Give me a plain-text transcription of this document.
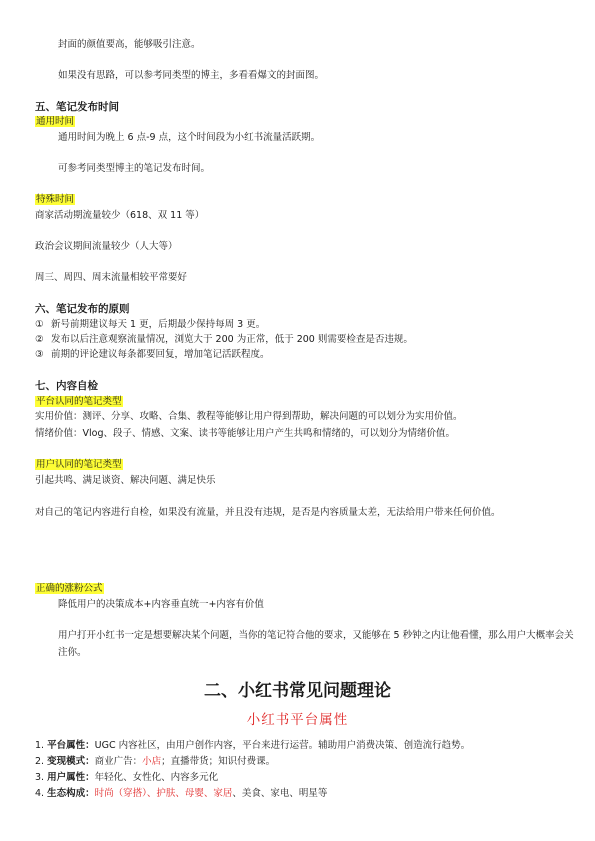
封面的颜值要高，能够吸引注意。
如果没有思路，可以参考同类型的博主，多看看爆文的封面图。
五、笔记发布时间
通用时间
通用时间为晚上 6 点-9 点，这个时间段为小红书流量活跃期。
可参考同类型博主的笔记发布时间。
特殊时间
商家活动期流量较少（618、双 11 等）
政治会议期间流量较少（人大等）
周三、周四、周末流量相较平常要好
六、笔记发布的原则
① 新号前期建议每天 1 更，后期最少保持每周 3 更。
② 发布以后注意观察流量情况，浏览大于 200 为正常，低于 200 则需要检查是否违规。
③ 前期的评论建议每条都要回复，增加笔记活跃程度。
七、内容自检
平台认同的笔记类型
实用价值：测评、分享、攻略、合集、教程等能够让用户得到帮助，解决问题的可以划分为实用价值。
情绪价值：Vlog、段子、情感、文案、读书等能够让用户产生共鸣和情绪的，可以划分为情绪价值。
用户认同的笔记类型
引起共鸣、满足谈资、解决问题、满足快乐
对自己的笔记内容进行自检，如果没有流量，并且没有违规，是否是内容质量太差，无法给用户带来任何价值。
正确的涨粉公式
降低用户的决策成本+内容垂直统一+内容有价值
用户打开小红书一定是想要解决某个问题，当你的笔记符合他的要求，又能够在 5 秒钟之内让他看懂，那么用户大概率会关注你。
二、小红书常见问题理论
小红书平台属性
1. 平台属性：UGC 内容社区，由用户创作内容，平台来进行运营。辅助用户消费决策、创造流行趋势。
2. 变现模式：商业广告：小店；直播带货；知识付费课。
3. 用户属性：年轻化、女性化、内容多元化
4. 生态构成：时尚（穿搭）、护肤、母婴、家居、美食、家电、明星等
